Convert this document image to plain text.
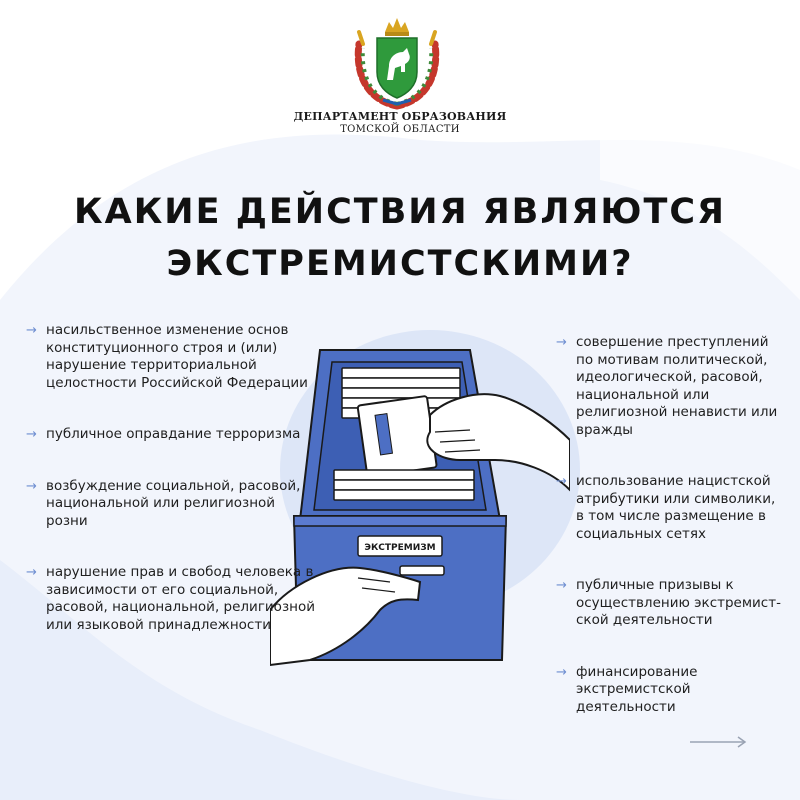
ДЕПАРТАМЕНТ ОБРАЗОВАНИЯ
ТОМСКОЙ ОБЛАСТИ
КАКИЕ ДЕЙСТВИЯ ЯВЛЯЮТСЯ
ЭКСТРЕМИСТСКИМИ?
→ насильственное изменение основ конституционного строя и (или) нарушение территориальной целостности Российской Федерации
→ публичное оправдание терроризма
→ возбуждение социальной, расовой, национальной или религиозной розни
→ нарушение прав и свобод человека в зависимости от его социальной, расовой, национальной, религиозной или языковой принадлежности
→ совершение преступлений по мотивам политической, идеологической, расовой, национальной или религиозной ненависти или вражды
→ использование нацистской атрибутики или символики, в том числе размещение в социальных сетях
→ публичные призывы к осуществлению экстремист-ской деятельности
→ финансирование экстремистской деятельности
ЭКСТРЕМИЗМ
